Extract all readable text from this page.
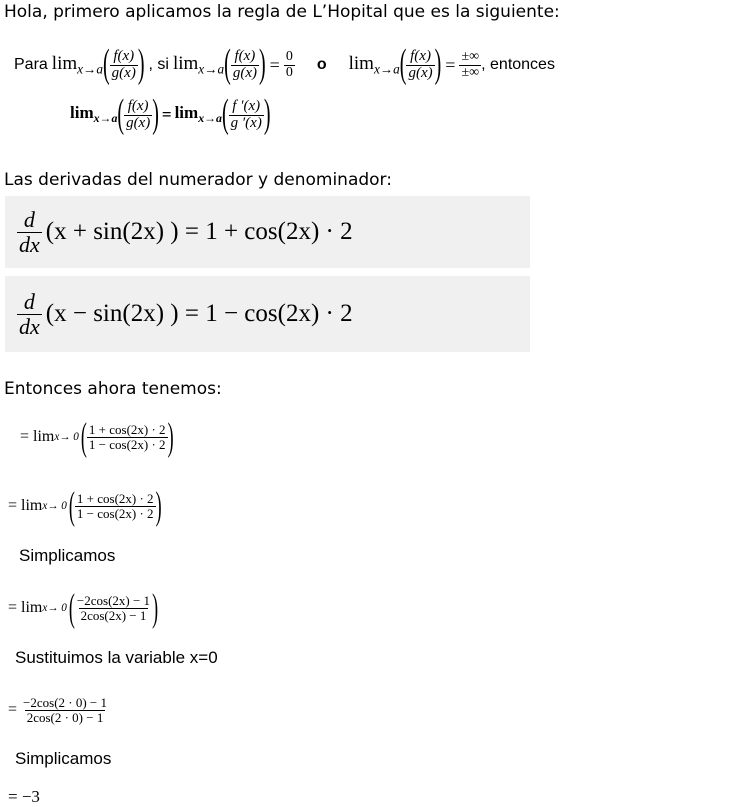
Hola, primero aplicamos la regla de L’Hopital que es la siguiente:
Para $\lim_{x\to a}$ ( $\frac{f(x)}{g(x)}$ ) , si $\lim_{x\to a}$ ( $\frac{f(x)}{g(x)}$ ) = $\frac{0}{0}$ o $\lim_{x\to a}$ ( $\frac{f(x)}{g(x)}$ ) = $\frac{\pm\infty}{\pm\infty}$ , entonces
$\lim_{x\to a}$ ( $\frac{f(x)}{g(x)}$ ) = $\lim_{x\to a}$ ( $\frac{f '(x)}{g '(x)}$ )
Las derivadas del numerador y denominador:
$\frac{d}{dx} (x + \sin(2x)$ ) = 1 + cos(2x) · 2
$\frac{d}{dx} (x - \sin(2x)$ ) = 1 − cos(2x) · 2
Entonces ahora tenemos:
= lim x→ 0 ( $\frac{1 + \cos(2x) \cdot 2}{1 - \cos(2x) \cdot 2}$ )
= lim x→ 0 ( $\frac{1 + \cos(2x) \cdot 2}{1 - \cos(2x) \cdot 2}$ )
Simplicamos
= lim x→ 0 ( $\frac{-2\cos(2x) - 1}{2\cos(2x) - 1}$ )
Sustituimos la variable x=0
= $\frac{-2\cos(2 \cdot 0) - 1}{2\cos(2 \cdot 0) - 1}$
Simplicamos
= −3
